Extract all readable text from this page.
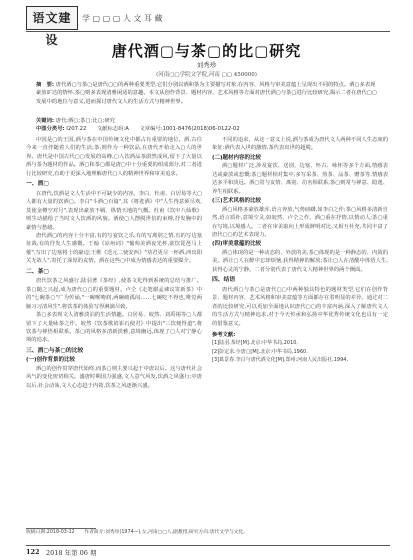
语文建设
学 ▢ ▢ ▢ 人 文 耳 藏
唐代酒▢与茶▢的比▢研究
刘秀珍
(河南▢▢学院文学院,河南 ▢▢ 450000)
摘　要: 唐代酒▢与茶▢是唐代▢▢的两种重要类型,它们分别以酒和茶为主要描写对象,在内容、风格与审美意蕴上呈现出不同的特点。酒▢多表现豪放旷达的情怀,茶▢则多表现清雅闲适的意趣。本文从创作背景、题材内容、艺术风格等方面对唐代酒▢与茶▢进行比较研究,揭示二者在唐代▢▢发展中的地位与意义,进而探讨唐代文人的生活方式与精神世界。
关键词: 唐代;酒▢;茶▢;比▢;研究
中图分类号: I207.22　　文献标志码:A　　文章编号:1001-8476(2018)06-0122-02

中国是▢的王国,酒与茶在中国传统文化中都占有重要的地位。酒,古往今来一直伴随着人们的生活;茶,则作为一种饮品,在唐代开始走入▢人的世界。唐代是中国古代▢▢发展的高峰,▢人饮酒品茶蔚然成风,留下了大量以酒与茶为题材的作品。酒▢和茶▢都是唐▢中十分重要的组成部分,对二者进行比较研究,有助于更深入地理解唐代▢人的精神世界和审美追求。

一、酒▢

在唐代,饮酒是文人生活中不可缺少的内容。李白、杜甫、白居易等大▢人都有大量的饮酒▢。李白"斗酒▢百篇",其《将进酒》中"人生得意须尽欢,莫使金樽空对月",表现出豪放不羁、纵情天地的气概。杜甫《饮中八仙歌》则生动描绘了当时文人饮酒的风貌。酒使▢人摆脱世俗的束缚,抒发胸中的豪情与愁绪。

唐代酒▢的内容十分丰富,有的写宴饮之乐,有的写离别之情,有的写边塞征战,有的抒发人生感慨。王翰《凉州词》"葡萄美酒夜光杯,欲饮琵琶马上催",写出了边塞将士的豪迈;王维《送元二使安西》"劝君更尽一杯酒,西出阳关无故人",寄托了深厚的友情。酒在这些▢中成为情感表达的重要媒介。

二、茶▢

唐代饮茶之风盛行,陆羽著《茶经》,使茶文化得到系统的总结与推广。茶▢随之兴起,成为唐代▢▢的重要题材。卢仝《走笔谢孟谏议寄新茶》中的"七碗茶▢"广为传诵,"一碗喉吻润,两碗破孤闷……七碗吃不得也,唯觉两腋习习清风生",将饮茶的体验写得淋漓尽致。

茶▢多表现文人清雅淡泊的生活情趣。白居易、皎然、刘禹锡等▢人都留下了大量咏茶之作。皎然《饮茶歌诮崔石使君》中提出"三饮便得道",将饮茶与禅悟相联系。茶▢的风格多清新淡雅,意境幽远,体现了▢人对宁静心境的追求。

三、酒▢与茶▢的比较
(一)创作背景的比较

酒▢的创作贯穿唐代始终,而茶▢则主要兴起于中唐以后。这与唐代社会风气的变化密切相关。盛唐时期国力强盛,文人意气风发,饮酒之风盛行;中唐以后,社会动荡,文人心态趋于内敛,饮茶之风逐渐兴盛。

不同的追求。从这一意义上说,酒与茶成为唐代文人两种不同人生态度的象征:酒代表入世的激情,茶代表出世的超脱。

(二)题材内容的比较

酒▢题材广泛,涉及宴饮、送别、边塞、怀古、咏怀等多个方面,情感表达或豪放或悲慨;茶▢题材相对集中,多写采茶、煎茶、品茶、赠茶等,情感表达多平和淡远。酒▢常与友情、离别、功名相联系,茶▢则常与禅意、隐逸、养生相联系。

(三)艺术风格的比较

酒▢风格多豪放雄浑,语言奔放,气势磅礴,如李白之作;茶▢风格多清新自然,语言质朴,意境空灵,如皎然、卢仝之作。酒▢重在抒情,以情动人;茶▢重在写境,以境感人。二者在审美取向上形成鲜明对比,又相互补充,共同丰富了唐代▢▢的艺术表现力。

(四)审美意蕴的比较

酒▢体现的是一种动态的、外放的美,茶▢体现的是一种静态的、内敛的美。酒让▢人在醉中忘却烦恼,获得精神的解放;茶让▢人在清醒中体悟人生,获得心灵的宁静。二者分别代表了唐代文人精神世界的两个侧面。

四、结语

唐代酒▢与茶▢是唐代▢▢中两种独具特色的题材类型,它们在创作背景、题材内容、艺术风格和审美意蕴等方面都存在着明显的差异。通过对二者的比较研究,可以更加全面地认识唐代▢▢的丰富内涵,深入了解唐代文人的生活方式与精神追求,对于今天传承和弘扬中华优秀传统文化也具有一定的借鉴意义。

参考文献:

[1]陆羽.茶经[M].北京:中华书局,2010.

[2]彭定求.全唐▢[M].北京:中华书局,1960.

[3]葛景春.李白与唐代酒文化[M].郑州:河南人民出版社,1994.

收稿日期:2018-03-12　　作者简介:刘秀珍(1974—),女,河南▢▢人,副教授,研究方向:唐代文学与文化。
122 2018 年第 06 期
